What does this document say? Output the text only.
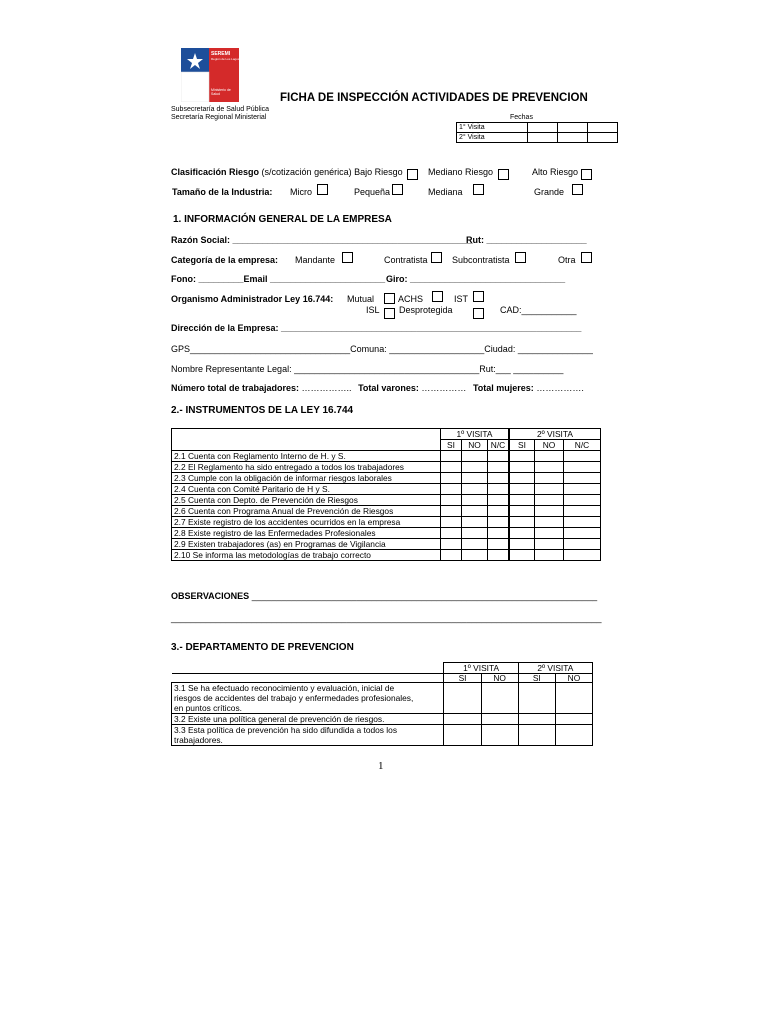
SEREMI
Región de Los Lagos
Ministerio de Salud	FICHA DE INSPECCIÓN ACTIVIDADES DE PREVENCION
Subsecretaría de Salud Pública
Secretaría Regional Ministerial	Fechas
1° Visita			
2° Visita			
Clasificación Riesgo (s/cotización genérica) Bajo Riesgo	Mediano Riesgo	Alto Riesgo
Tamaño de la Industria: Micro	Pequeña	Mediana	Grande
1. INFORMACIÓN GENERAL DE LA EMPRESA
Razón Social: ________________________________________________
Rut: ____________________
Categoría de la empresa: Mandante	Contratista	Subcontratista	Otra
Fono: _________Email _______________________ Giro: _______________________________
Organismo Administrador Ley 16.744: Mutual	ACHS	IST
ISL Desprotegida	CAD:___________
Dirección de la Empresa: ____________________________________________________________
GPS________________________________Comuna: ___________________Ciudad: _______________
Nombre Representante Legal: _____________________________________Rut:___ __________
Número total de trabajadores: …………….. Total varones: …………… Total mujeres: …………….
2.- INSTRUMENTOS DE LA LEY 16.744
	1º VISITA			2º VISITA		
	SI	NO	N/C	SI	NO	N/C
2.1 Cuenta con Reglamento Interno de H. y S.						
2.2 El Reglamento ha sido entregado a todos los trabajadores						
2.3 Cumple con la obligación de informar riesgos laborales						
2.4 Cuenta con Comité Paritario de H y S.						
2.5 Cuenta con Depto. de Prevención de Riesgos						
2.6 Cuenta con Programa Anual de Prevención de Riesgos						
2.7 Existe registro de los accidentes ocurridos en la empresa						
2.8 Existe registro de las Enfermedades Profesionales						
2.9 Existen trabajadores (as) en Programas de Vigilancia						
2.10 Se informa las metodologías de trabajo correcto						
OBSERVACIONES _____________________________________________________________________
______________________________________________________________________________________
3.- DEPARTAMENTO DE PREVENCION
	1º VISITA		2º VISITA	
	SI	NO	SI	NO

3.1 Se ha efectuado reconocimiento y evaluación, inicial de
riesgos de accidentes del trabajo y enfermedades profesionales,
en puntos críticos.				

3.2 Existe una política general de prevención de riesgos.				

3.3 Esta política de prevención ha sido difundida a todos los
trabajadores.				

1
